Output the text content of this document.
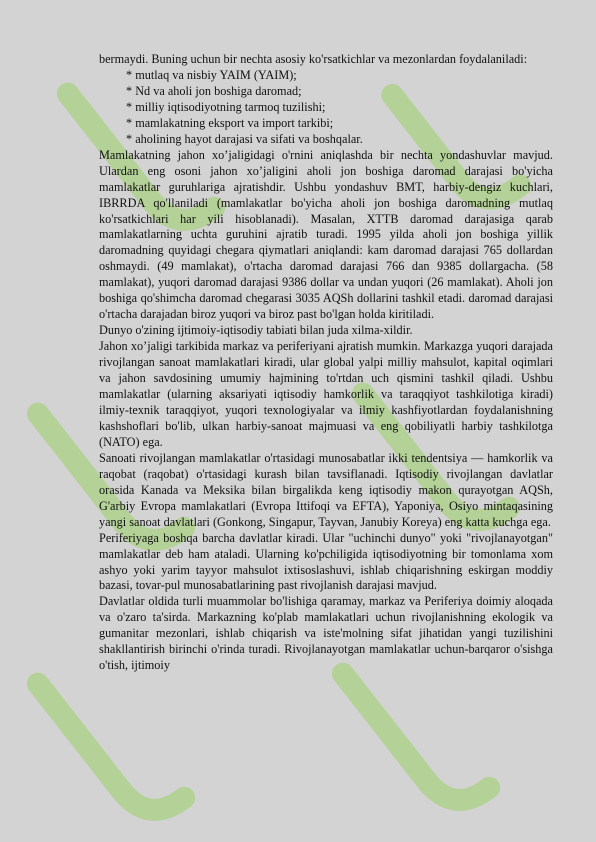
bermaydi. Buning uchun bir nechta asosiy ko'rsatkichlar va mezonlardan foydalaniladi:

* mutlaq va nisbiy YAIM (YAIM);
* Nd va aholi jon boshiga daromad;
* milliy iqtisodiyotning tarmoq tuzilishi;
* mamlakatning eksport va import tarkibi;
* aholining hayot darajasi va sifati va boshqalar.

Mamlakatning jahon xo’jaligidagi o'rnini aniqlashda bir nechta yondashuvlar mavjud. Ulardan eng osoni jahon xo’jaligini aholi jon boshiga daromad darajasi bo'yicha mamlakatlar guruhlariga ajratishdir. Ushbu yondashuv BMT, harbiy-dengiz kuchlari, IBRRDA qo'llaniladi (mamlakatlar bo'yicha aholi jon boshiga daromadning mutlaq ko'rsatkichlari har yili hisoblanadi). Masalan, XTTB daromad darajasiga qarab mamlakatlarning uchta guruhini ajratib turadi. 1995 yilda aholi jon boshiga yillik daromadning quyidagi chegara qiymatlari aniqlandi: kam daromad darajasi 765 dollardan oshmaydi. (49 mamlakat), o'rtacha daromad darajasi 766 dan 9385 dollargacha. (58 mamlakat), yuqori daromad darajasi 9386 dollar va undan yuqori (26 mamlakat). Aholi jon boshiga qo'shimcha daromad chegarasi 3035 AQSh dollarini tashkil etadi. daromad darajasi o'rtacha darajadan biroz yuqori va biroz past bo'lgan holda kiritiladi.

Dunyo o'zining ijtimoiy-iqtisodiy tabiati bilan juda xilma-xildir.

Jahon xo’jaligi tarkibida markaz va periferiyani ajratish mumkin. Markazga yuqori darajada rivojlangan sanoat mamlakatlari kiradi, ular global yalpi milliy mahsulot, kapital oqimlari va jahon savdosining umumiy hajmining to'rtdan uch qismini tashkil qiladi. Ushbu mamlakatlar (ularning aksariyati iqtisodiy hamkorlik va taraqqiyot tashkilotiga kiradi) ilmiy-texnik taraqqiyot, yuqori texnologiyalar va ilmiy kashfiyotlardan foydalanishning kashshoflari bo'lib, ulkan harbiy-sanoat majmuasi va eng qobiliyatli harbiy tashkilotga (NATO) ega.

Sanoati rivojlangan mamlakatlar o'rtasidagi munosabatlar ikki tendentsiya — hamkorlik va raqobat (raqobat) o'rtasidagi kurash bilan tavsiflanadi. Iqtisodiy rivojlangan davlatlar orasida Kanada va Meksika bilan birgalikda keng iqtisodiy makon qurayotgan AQSh, G'arbiy Evropa mamlakatlari (Evropa Ittifoqi va EFTA), Yaponiya, Osiyo mintaqasining yangi sanoat davlatlari (Gonkong, Singapur, Tayvan, Janubiy Koreya) eng katta kuchga ega.

Periferiyaga boshqa barcha davlatlar kiradi. Ular "uchinchi dunyo" yoki "rivojlanayotgan" mamlakatlar deb ham ataladi. Ularning ko'pchiligida iqtisodiyotning bir tomonlama xom ashyo yoki yarim tayyor mahsulot ixtisoslashuvi, ishlab chiqarishning eskirgan moddiy bazasi, tovar-pul munosabatlarining past rivojlanish darajasi mavjud.

Davlatlar oldida turli muammolar bo'lishiga qaramay, markaz va Periferiya doimiy aloqada va o'zaro ta'sirda. Markazning ko'plab mamlakatlari uchun rivojlanishning ekologik va gumanitar mezonlari, ishlab chiqarish va iste'molning sifat jihatidan yangi tuzilishini shakllantirish birinchi o'rinda turadi. Rivojlanayotgan mamlakatlar uchun-barqaror o'sishga o'tish, ijtimoiy
